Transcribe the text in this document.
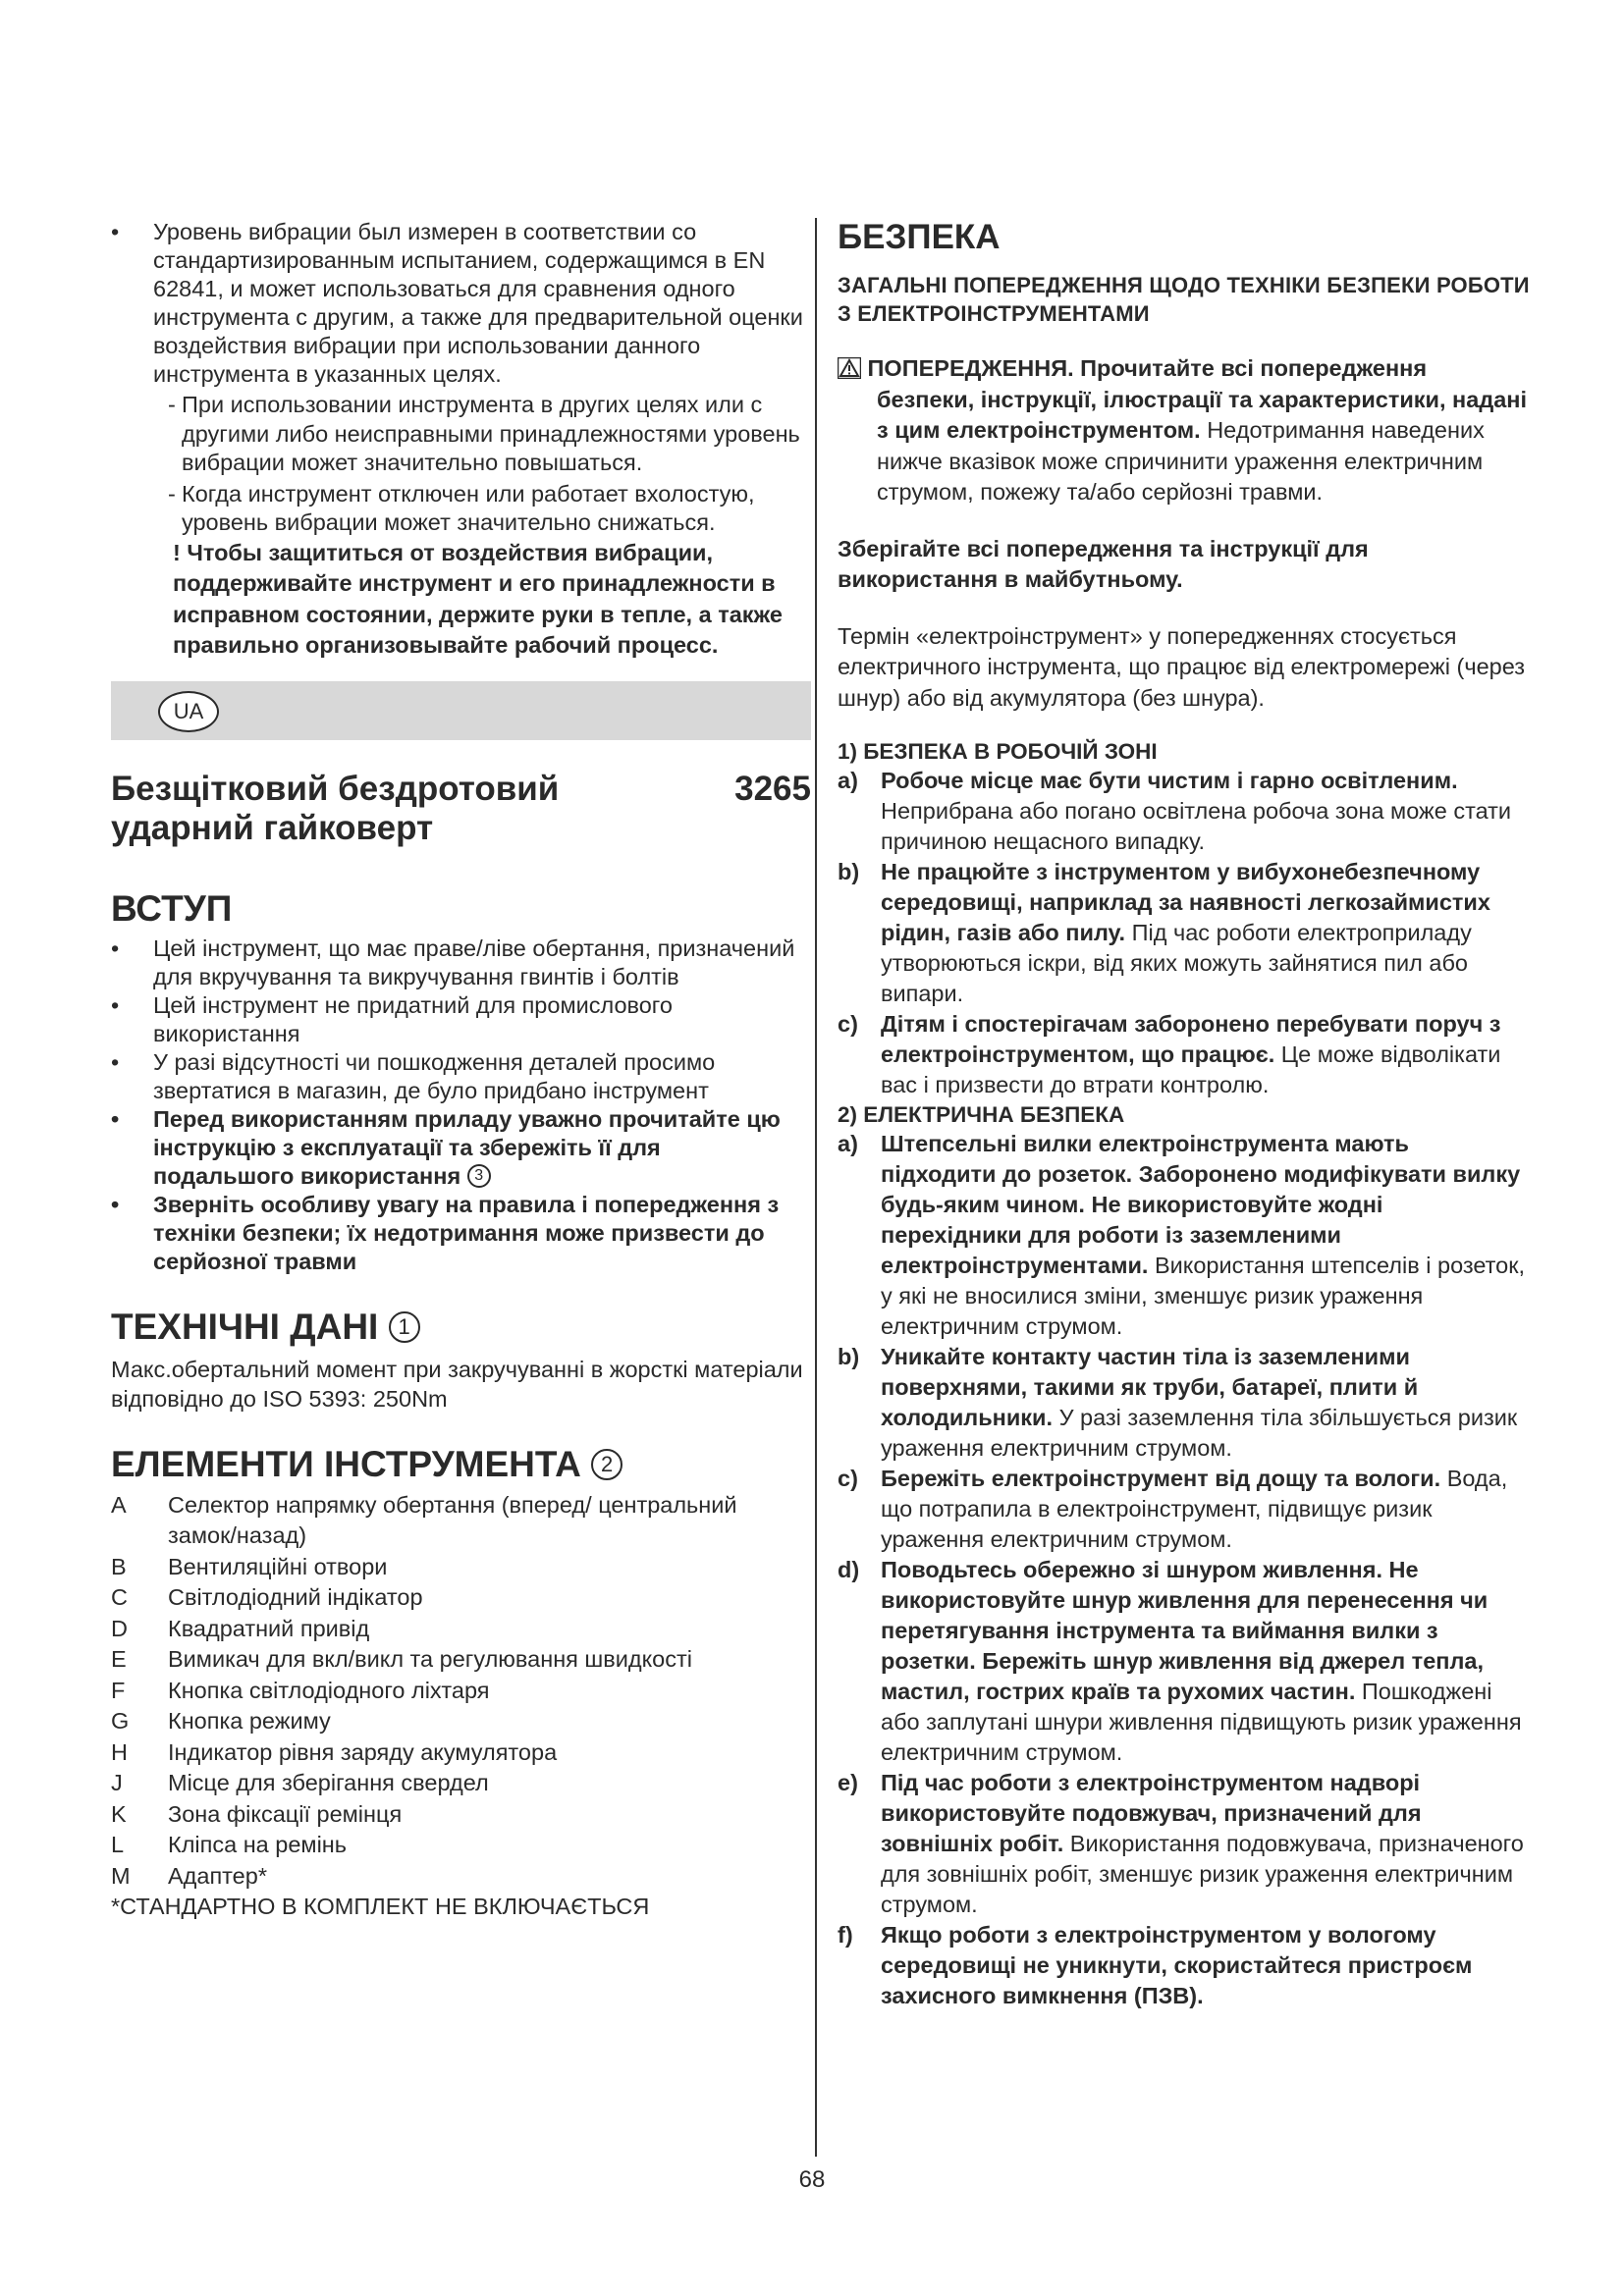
• Уровень вибрации был измерен в соответствии со стандартизированным испытанием, содержащимся в EN 62841, и может использоваться для сравнения одного инструмента с другим, а также для предварительной оценки воздействия вибрации при использовании данного инструмента в указанных целях.
- При использовании инструмента в других целях или с другими либо неисправными принадлежностями уровень вибрации может значительно повышаться.
- Когда инструмент отключен или работает вхолостую, уровень вибрации может значительно снижаться.
! Чтобы защититься от воздействия вибрации, поддерживайте инструмент и его принадлежности в исправном состоянии, держите руки в тепле, а также правильно организовывайте рабочий процесс.
UA
Безщітковий бездротовий ударний гайковерт
3265
ВСТУП
• Цей інструмент, що має праве/ліве обертання, призначений для вкручування та викручування гвинтів і болтів
• Цей інструмент не придатний для промислового використання
• У разі відсутності чи пошкодження деталей просимо звертатися в магазин, де було придбано інструмент
• Перед використанням приладу уважно прочитайте цю інструкцію з експлуатації та збережіть її для подальшого використання 3
• Зверніть особливу увагу на правила і попередження з техніки безпеки; їх недотримання може призвести до серйозної травми
ТЕХНІЧНІ ДАНІ 1
Макс.обертальний момент при закручуванні в жорсткі матеріали відповідно до ISO 5393: 250Nm
ЕЛЕМЕНТИ ІНСТРУМЕНТА 2
A	Селектор напрямку обертання (вперед/ центральний замок/назад)
B	Вентиляційні отвори
C	Світлодіодний індікатор
D	Квадратний привід
E	Вимикач для вкл/викл та регулювання швидкості
F	Кнопка світлодіодного ліхтаря
G	Кнопка режиму
H	Індикатор рівня заряду акумулятора
J	Місце для зберігання свердел
K	Зона фіксації ремінця
L	Кліпса на ремінь
M	Адаптер*
*СТАНДАРТНО В КОМПЛЕКТ НЕ ВКЛЮЧАЄТЬСЯ
БЕЗПЕКА
ЗАГАЛЬНІ ПОПЕРЕДЖЕННЯ ЩОДО ТЕХНІКИ БЕЗПЕКИ РОБОТИ З ЕЛЕКТРОІНСТРУМЕНТАМИ
ПОПЕРЕДЖЕННЯ. Прочитайте всі попередження безпеки, інструкції, ілюстрації та характеристики, надані з цим електроінструментом. Недотримання наведених нижче вказівок може спричинити ураження електричним струмом, пожежу та/або серйозні травми.
Зберігайте всі попередження та інструкції для використання в майбутньому.
Термін «електроінструмент» у попередженнях стосується електричного інструмента, що працює від електромережі (через шнур) або від акумулятора (без шнура).
1) БЕЗПЕКА В РОБОЧІЙ ЗОНІ
a) Робоче місце має бути чистим і гарно освітленим. Неприбрана або погано освітлена робоча зона може стати причиною нещасного випадку.
b) Не працюйте з інструментом у вибухонебезпечному середовищі, наприклад за наявності легкозаймистих рідин, газів або пилу. Під час роботи електроприладу утворюються іскри, від яких можуть зайнятися пил або випари.
c) Дітям і спостерігачам заборонено перебувати поруч з електроінструментом, що працює. Це може відволікати вас і призвести до втрати контролю.
2) ЕЛЕКТРИЧНА БЕЗПЕКА
a) Штепсельні вилки електроінструмента мають підходити до розеток. Заборонено модифікувати вилку будь-яким чином. Не використовуйте жодні перехідники для роботи із заземленими електроінструментами. Використання штепселів і розеток, у які не вносилися зміни, зменшує ризик ураження електричним струмом.
b) Уникайте контакту частин тіла із заземленими поверхнями, такими як труби, батареї, плити й холодильники. У разі заземлення тіла збільшується ризик ураження електричним струмом.
c) Бережіть електроінструмент від дощу та вологи. Вода, що потрапила в електроінструмент, підвищує ризик ураження електричним струмом.
d) Поводьтесь обережно зі шнуром живлення. Не використовуйте шнур живлення для перенесення чи перетягування інструмента та виймання вилки з розетки. Бережіть шнур живлення від джерел тепла, мастил, гострих країв та рухомих частин. Пошкоджені або заплутані шнури живлення підвищують ризик ураження електричним струмом.
e) Під час роботи з електроінструментом надворі використовуйте подовжувач, призначений для зовнішніх робіт. Використання подовжувача, призначеного для зовнішніх робіт, зменшує ризик ураження електричним струмом.
f) Якщо роботи з електроінструментом у вологому середовищі не уникнути, скористайтеся пристроєм захисного вимкнення (ПЗВ).
68
